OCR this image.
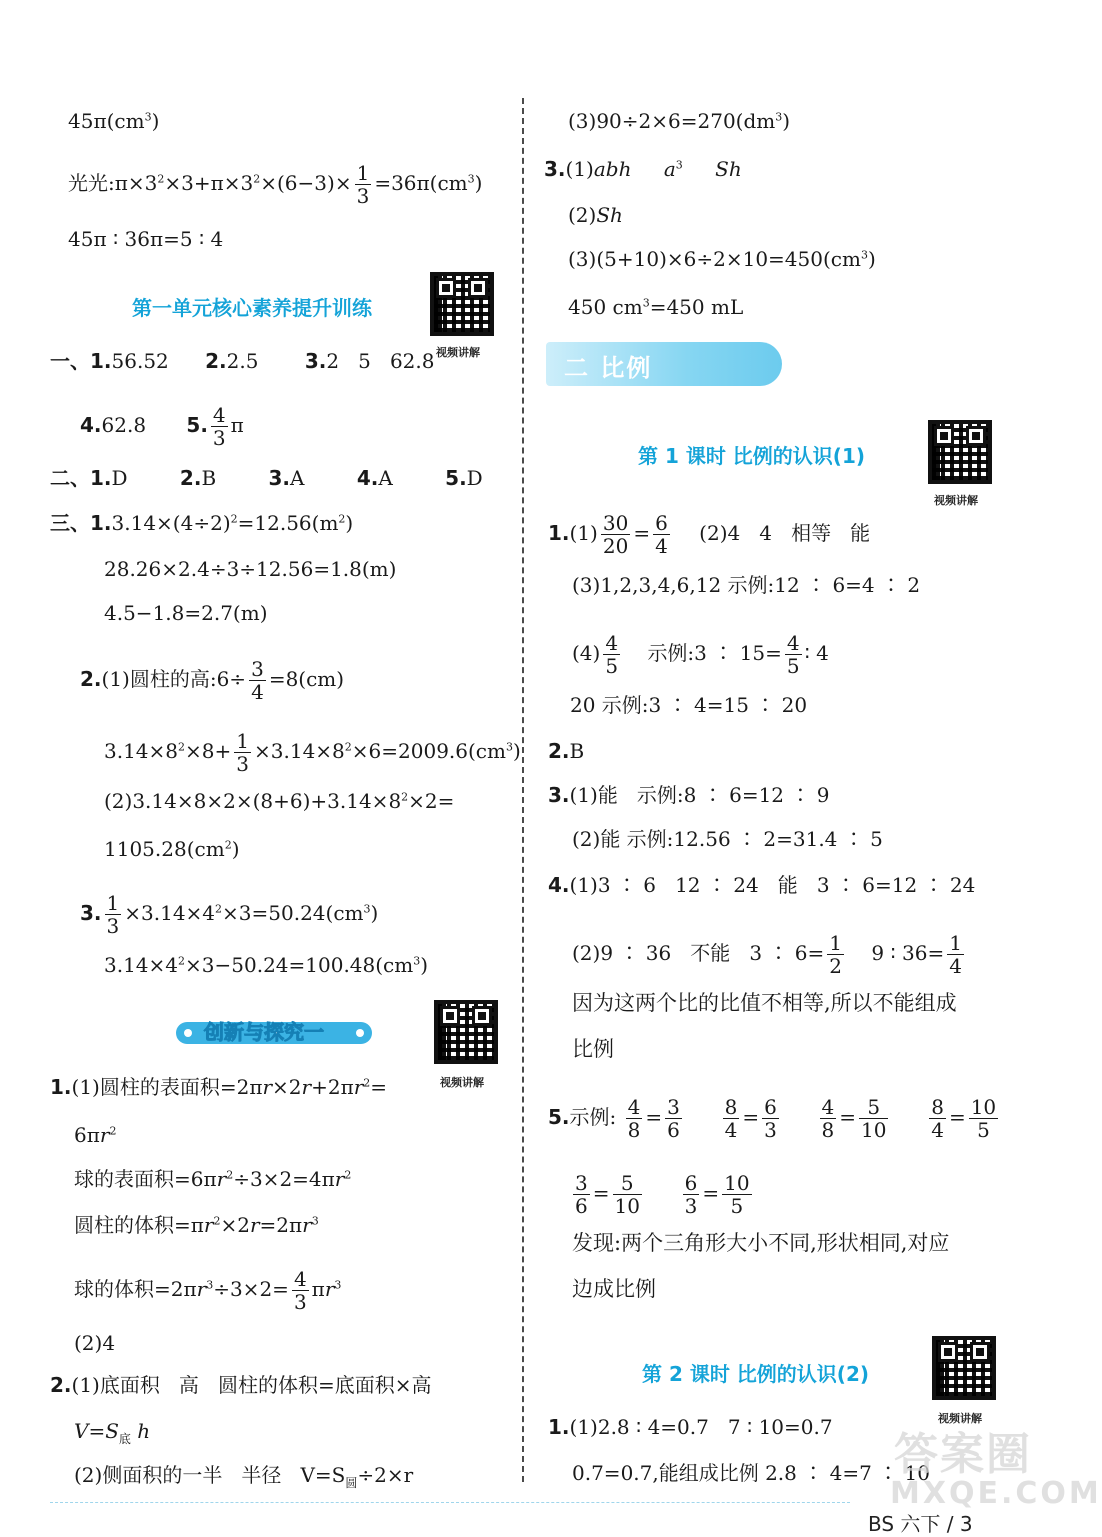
$45\pi(cm^3)$
光光$:\pi\times 3^2\times 3+\pi\times 3^2\times(6-3)\times \frac{1}{3} =36\pi(cm^3)$
45π ∶ 36π=5 ∶ 4
第一单元核心素养提升训练
视频讲解
一、1.56.52 2.2.5 3.2   5   62.8
4.62.8 5. $\frac{4}{3}$ π
二、1.D	2.B	3.A	4.A	5.D
三、$1.3.14\times(4\div 2)^2=12.56(m^2)$
28.26×2.4÷3÷12.56=1.8(m)
4.5−1.8=2.7(m)
2.(1)圆柱的高:6÷ $\frac{3}{4} =8(cm)$
$3.14\times 8^2\times 8+ \frac{1}{3} \times 3.14\times 8^2\times 6=2009.6(cm^3)$
$(2)3.14\times 8\times 2\times(8+6)+3.14\times 8^2\times 2=$
$1105.28(cm^2)$
3. $\frac{1}{3} \times 3.14\times 4^2\times 3=50.24(cm^3)$
$3.14\times 4^2\times 3-50.24=100.48(cm^3)$
创新与探究一
视频讲解
1.(1)圆柱的表面积$=2\pi r\times 2r+2\pi r^2=$
$6\pi r^2$
球的表面积$=6\pi r^2\div 3\times 2=4\pi r^2$
圆柱的体积$=\pi r^2\times 2r=2\pi r^3$
球的体积$=2\pi r^3\div 3\times 2= \frac{4}{3} \pi r^3$
(2)4
2.(1)底面积   高   圆柱的体积=底面积×高
$V=S_底$ h
(2)侧面积的一半   半径   $V=S_圆\div 2\times r$
$(3)90\div 2\times 6=270(dm^3)$
3.(1)abh $a^3$ Sh
(2)Sh
$(3)(5+10)\times 6\div 2\times 10=450(cm^3)$
450 $cm^3=450$ mL
二 比例
第 1 课时 比例的认识(1)
视频讲解
$1.(1) \frac{30}{20} = \frac{6}{4} (2)4$   4   相等   能
(3)1,2,3,4,6,12 示例:12 ∶ 6=4 ∶ 2
$(4) \frac{4}{5}$ 示例:3 ∶ $15= \frac{4}{5}$ ∶ 4
20 示例:3 ∶ 4=15 ∶ 20
2.B
3.(1)能   示例:8 ∶ 6=12 ∶ 9
(2)能 示例:12.56 ∶ 2=31.4 ∶ 5
4.(1)3 ∶ 6   12 ∶ 24   能   3 ∶ 6=12 ∶ 24
(2)9 ∶ 36   不能   3 ∶ $6= \frac{1}{2} 9$ ∶ $36= \frac{1}{4}$
因为这两个比的比值不相等,所以不能组成
比例
5.示例: $\frac{4}{8} = \frac{3}{6}$
$\frac{8}{4} = \frac{6}{3}$
$\frac{4}{8} = \frac{5}{10}$
$\frac{8}{4} = \frac{10}{5}$
$\frac{3}{6} = \frac{5}{10}$
$\frac{6}{3} = \frac{10}{5}$
发现:两个三角形大小不同,形状相同,对应
边成比例
第 2 课时 比例的认识(2)
视频讲解
1.(1)2.8 ∶ 4=0.7   7 ∶ 10=0.7
0.7=0.7,能组成比例 2.8 ∶ 4=7 ∶ 10
答案圈
MXQE.COM
BS 六下 / 3
